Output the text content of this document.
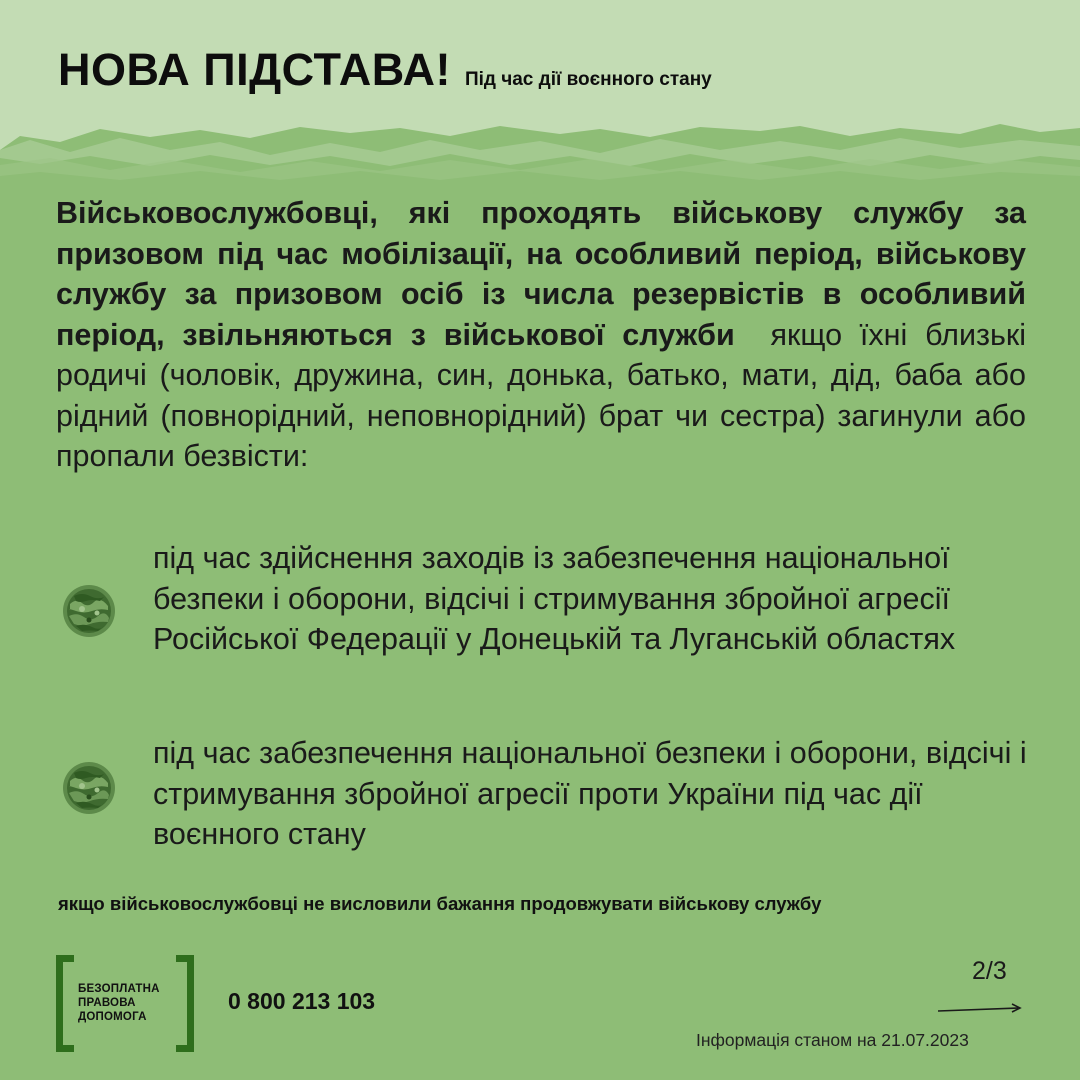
НОВА ПІДСТАВА! Під час дії воєнного стану
Військовослужбовці, які проходять військову службу за призовом під час мобілізації, на особливий період, військову службу за призовом осіб із числа резервістів в особливий період, звільняються з військової служби якщо їхні близькі родичі (чоловік, дружина, син, донька, батько, мати, дід, баба або рідний (повнорідний, неповнорідний) брат чи сестра) загинули або пропали безвісти:
під час здійснення заходів із забезпечення національної безпеки і оборони, відсічі і стримування збройної агресії Російської Федерації у Донецькій та Луганській областях
під час забезпечення національної безпеки і оборони, відсічі і стримування збройної агресії проти України під час дії воєнного стану
якщо військовослужбовці не висловили бажання продовжувати військову службу
БЕЗОПЛАТНА
ПРАВОВА
ДОПОМОГА
0 800 213 103
2/3
Інформація станом на 21.07.2023
